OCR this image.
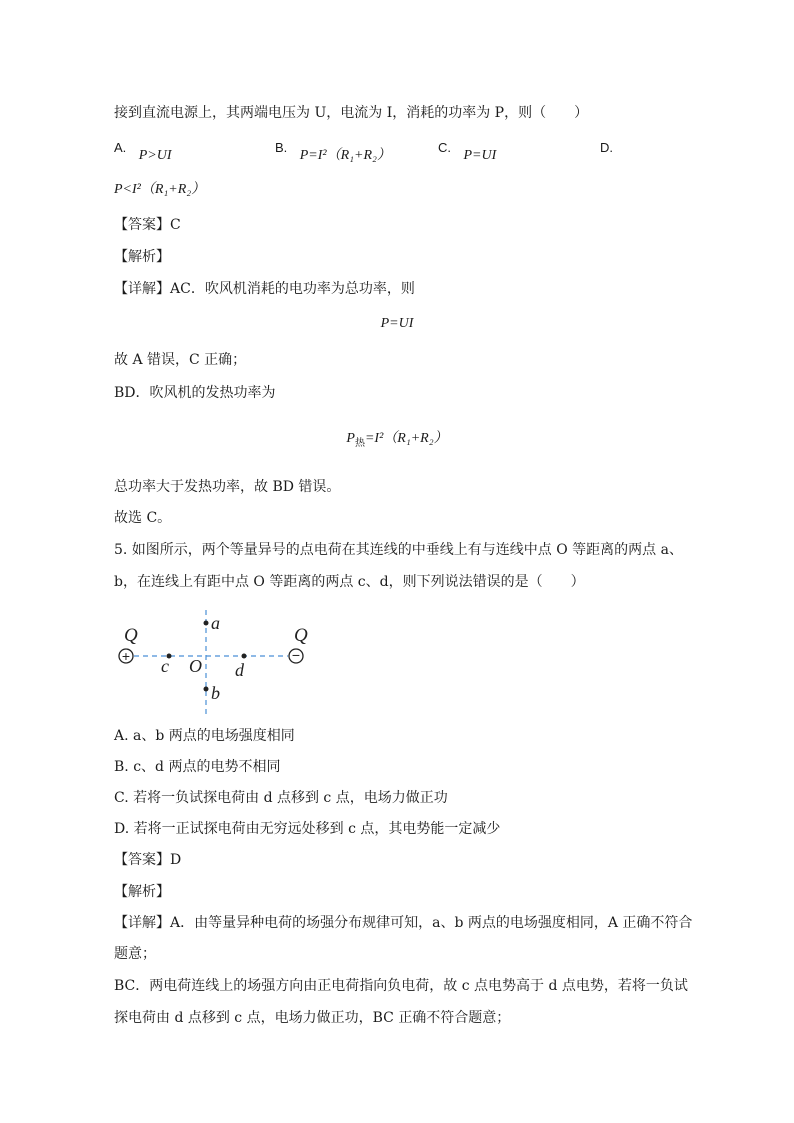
接到直流电源上，其两端电压为 U，电流为 I，消耗的功率为 P，则（　　）
A. P>UI
B. P=I²（R₁+R₂）
C. P=UI
D.
P<I²（R₁+R₂）
【答案】C
【解析】
【详解】AC．吹风机消耗的电功率为总功率，则
P=UI
故 A 错误，C 正确；
BD．吹风机的发热功率为
$P_热=I^2(R_1+R_2)$
总功率大于发热功率，故 BD 错误。
故选 C。
5. 如图所示，两个等量异号的点电荷在其连线的中垂线上有与连线中点 O 等距离的两点 a、
b，在连线上有距中点 O 等距离的两点 c、d，则下列说法错误的是（　　）
+	−
Q	Q
a
b
c	d
O
A. a、b 两点的电场强度相同
B. c、d 两点的电势不相同
C. 若将一负试探电荷由 d 点移到 c 点，电场力做正功
D. 若将一正试探电荷由无穷远处移到 c 点，其电势能一定减少
【答案】D
【解析】
【详解】A．由等量异种电荷的场强分布规律可知，a、b 两点的电场强度相同，A 正确不符合
题意；
BC．两电荷连线上的场强方向由正电荷指向负电荷，故 c 点电势高于 d 点电势，若将一负试
探电荷由 d 点移到 c 点，电场力做正功，BC 正确不符合题意；
